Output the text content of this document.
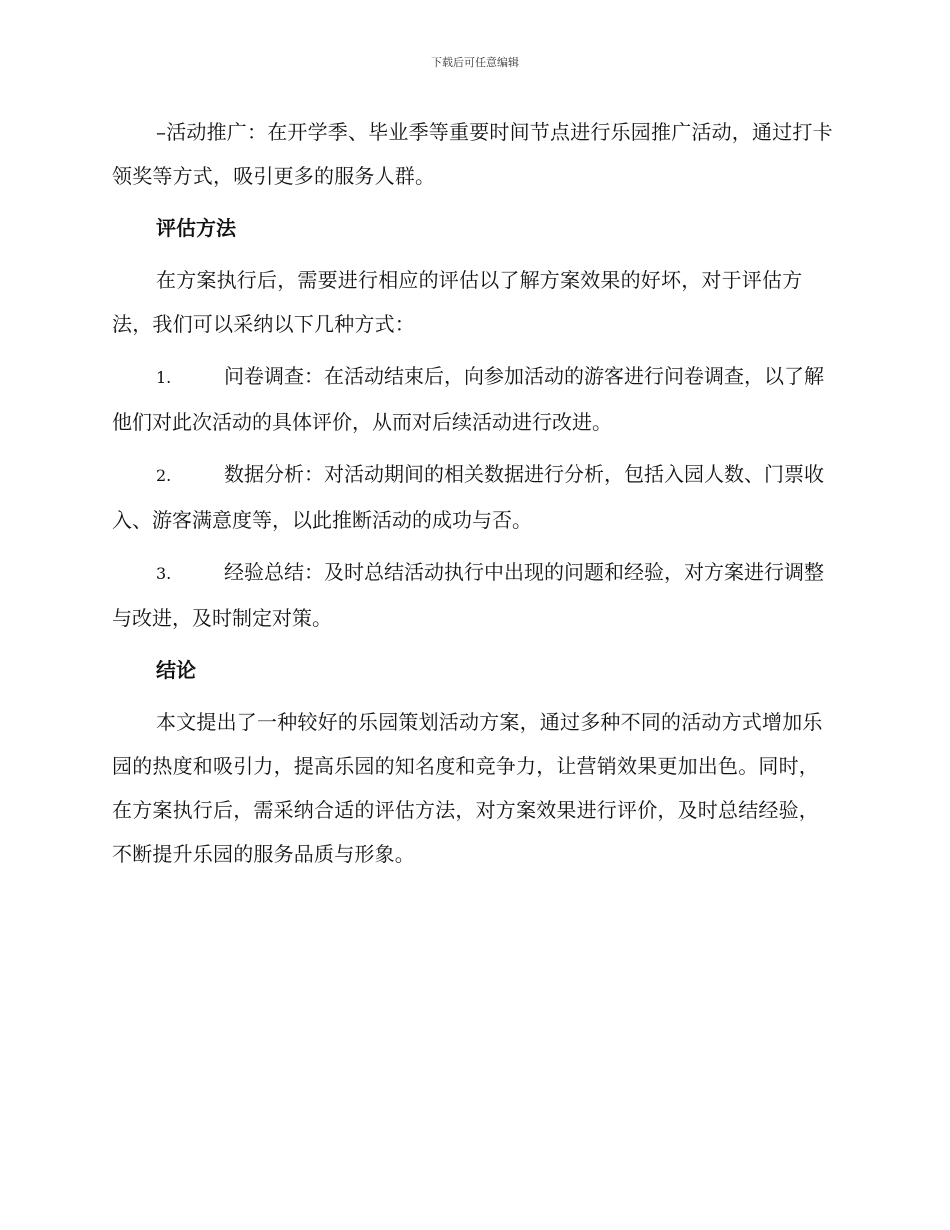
下载后可任意编辑

–活动推广：在开学季、毕业季等重要时间节点进行乐园推广活动，通过打卡领奖等方式，吸引更多的服务人群。

评估方法

在方案执行后，需要进行相应的评估以了解方案效果的好坏，对于评估方法，我们可以采纳以下几种方式：

1.	问卷调查：在活动结束后，向参加活动的游客进行问卷调查，以了解他们对此次活动的具体评价，从而对后续活动进行改进。

2.	数据分析：对活动期间的相关数据进行分析，包括入园人数、门票收入、游客满意度等，以此推断活动的成功与否。

3.	经验总结：及时总结活动执行中出现的问题和经验，对方案进行调整与改进，及时制定对策。

结论

本文提出了一种较好的乐园策划活动方案，通过多种不同的活动方式增加乐园的热度和吸引力，提高乐园的知名度和竞争力，让营销效果更加出色。同时，在方案执行后，需采纳合适的评估方法，对方案效果进行评价，及时总结经验，不断提升乐园的服务品质与形象。
